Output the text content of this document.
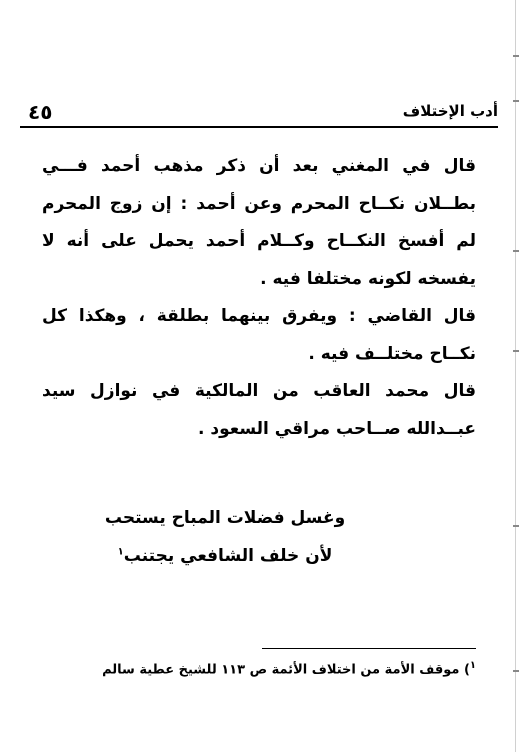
٤٥	أدب الإختلاف

قال في المغني بعد أن ذكر مذهب أحمد فـــي بطــلان نكــاح المحرم وعن أحمد : إن زوج المحرم لم أفسخ النكــاح وكــلام أحمد يحمل على أنه لا يفسخه لكونه مختلفا فيه .

قال القاضي : ويفرق بينهما بطلقة ، وهكذا كل نكــاح مختلــف فيه .

قال محمد العاقب من المالكية في نوازل سيد عبــدالله صــاحب مراقي السعود .

وغسل فضلات المباح يستحب
لأن خلف الشافعي يجتنب$^١$
$^١$) موقف الأمة من اختلاف الأئمة ص ١١٣ للشيخ عطية سالم
